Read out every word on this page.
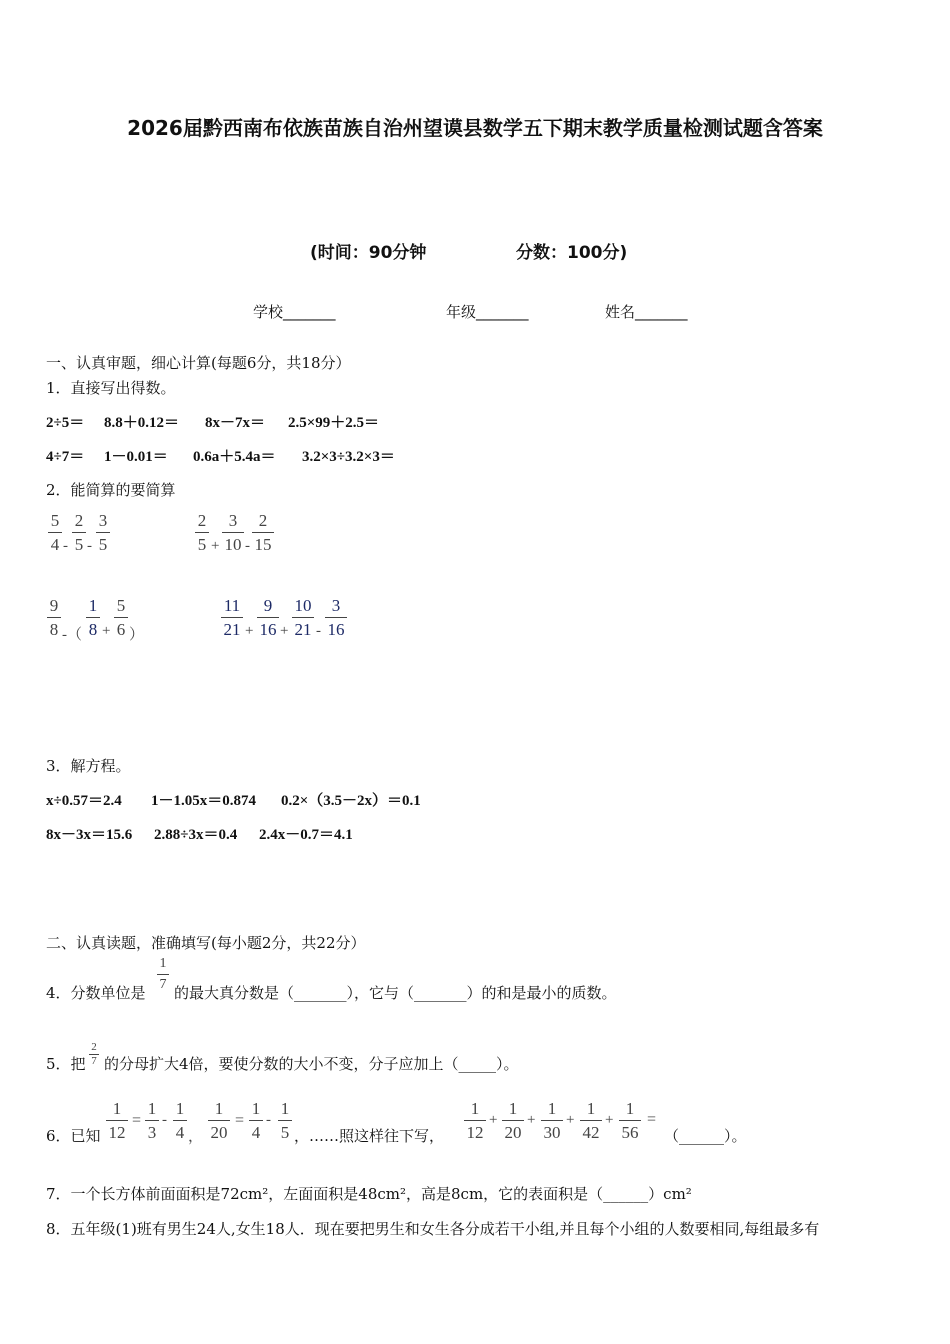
2026届黔西南布依族苗族自治州望谟县数学五下期末教学质量检测试题含答案
(时间：90分钟	分数：100分)
学校_______	年级_______	姓名_______
一、认真审题，细心计算(每题6分，共18分）
1．直接写出得数。
2÷5＝ 8.8＋0.12＝ 8x－7x＝ 2.5×99＋2.5＝
4÷7＝ 1－0.01＝ 0.6a＋5.4a＝ 3.2×3÷3.2×3＝
2．能简算的要简算
5
4 -
2
5 -
3
5
2
5 +
3
10 -
2
15
9
8 -（
1
8 +
5
6 ）
11
21 +
9
16 +
10
21 -
3
16
3．解方程。
x÷0.57＝2.4 1－1.05x＝0.874 0.2×（3.5－2x）＝0.1
8x－3x＝15.6 2.88÷3x＝0.4 2.4x－0.7＝4.1
二、认真读题，准确填写(每小题2分，共22分）
4．分数单位是
1
7 的最大真分数是（_______），它与（_______）的和是最小的质数。
5．把
2
7 的分母扩大4倍，要使分数的大小不变，分子应加上（_____）。
6．已知
1
12
=
1
3
-
1
4 ，
1
20
=
1
4
-
1
5 ，……照这样往下写，
1
12
+
1
20
+
1
30
+
1
42
+
1
56
=
（______）。
7．一个长方体前面面积是72cm²，左面面积是48cm²，高是8cm，它的表面积是（______）cm²
8．五年级(1)班有男生24人,女生18人．现在要把男生和女生各分成若干小组,并且每个小组的人数要相同,每组最多有
